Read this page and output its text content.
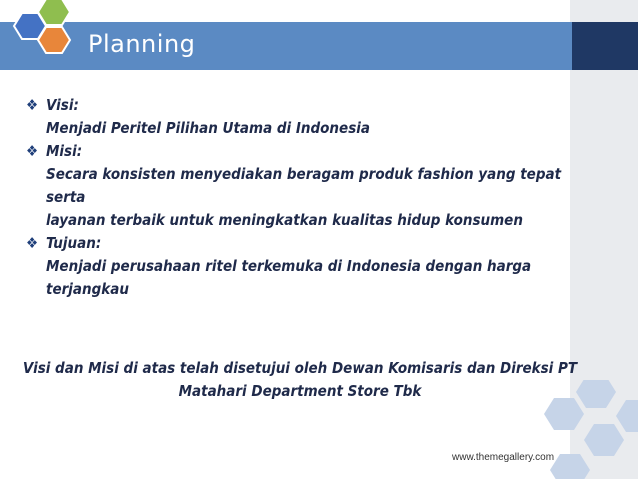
Planning
❖ Visi:
Menjadi Peritel Pilihan Utama di Indonesia
❖ Misi:
Secara konsisten menyediakan beragam produk fashion yang tepat serta
layanan terbaik untuk meningkatkan kualitas hidup konsumen
❖ Tujuan:
Menjadi perusahaan ritel terkemuka di Indonesia dengan harga
terjangkau
Visi dan Misi di atas telah disetujui oleh Dewan Komisaris dan Direksi PT
Matahari Department Store Tbk
www.themegallery.com
